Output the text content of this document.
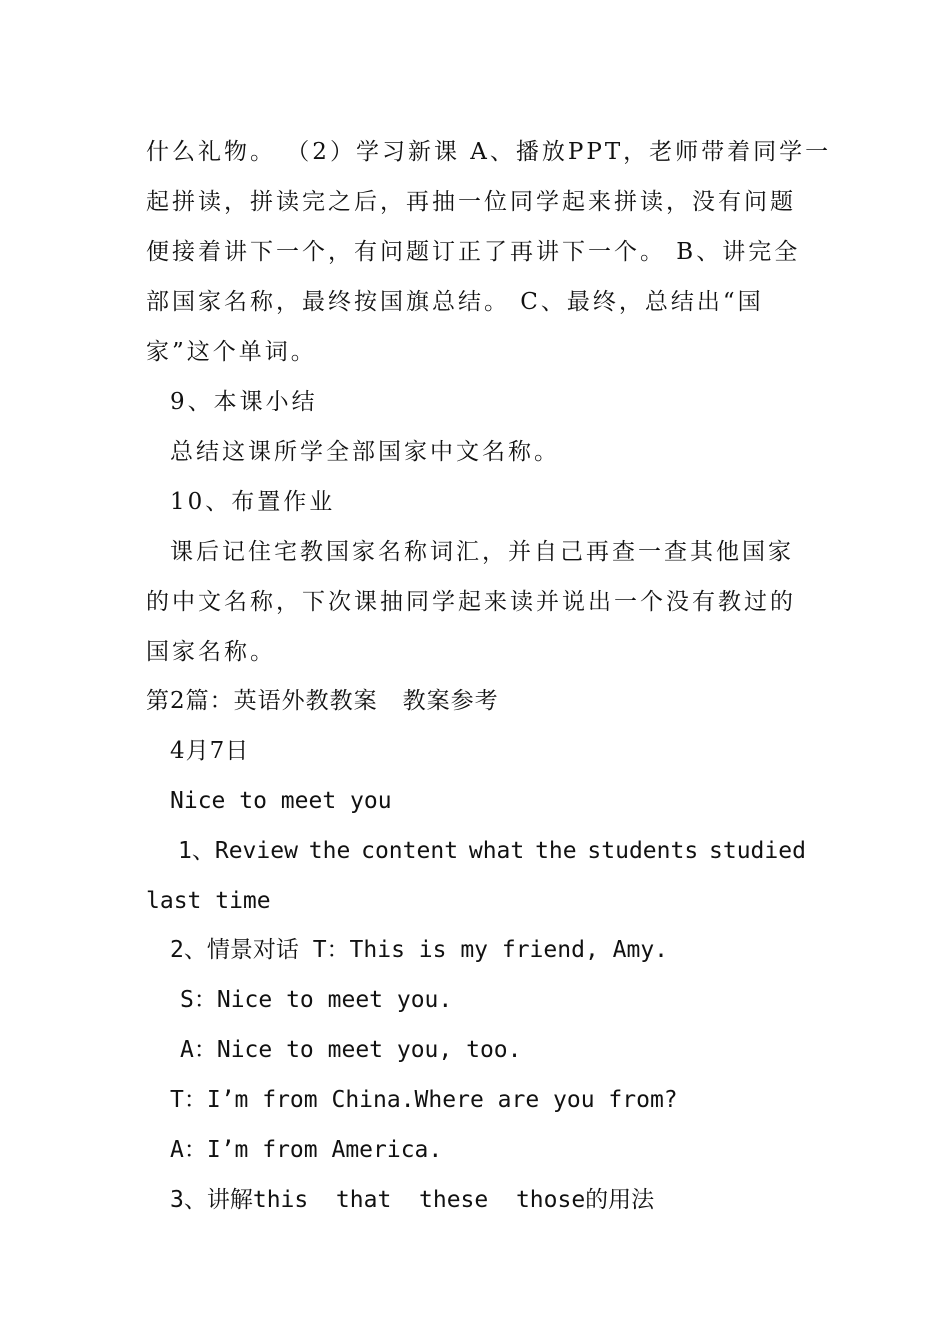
什么礼物。 （2）学习新课 A、播放PPT，老师带着同学一
起拼读，拼读完之后，再抽一位同学起来拼读，没有问题
便接着讲下一个，有问题订正了再讲下一个。 B、讲完全
部国家名称，最终按国旗总结。 C、最终，总结出“国
家”这个单词。
9、本课小结
总结这课所学全部国家中文名称。
10、布置作业
课后记住宅教国家名称词汇，并自己再查一查其他国家
的中文名称，下次课抽同学起来读并说出一个没有教过的
国家名称。
第2篇：英语外教教案   教案参考
4月7日
Nice to meet you
1、Review the content what the students studied
last time
2、情景对话 T：This is my friend, Amy.
S：Nice to meet you.
A：Nice to meet you, too.
T：I’m from China.Where are you from?
A：I’m from America.
3、讲解this  that  these  those的用法
